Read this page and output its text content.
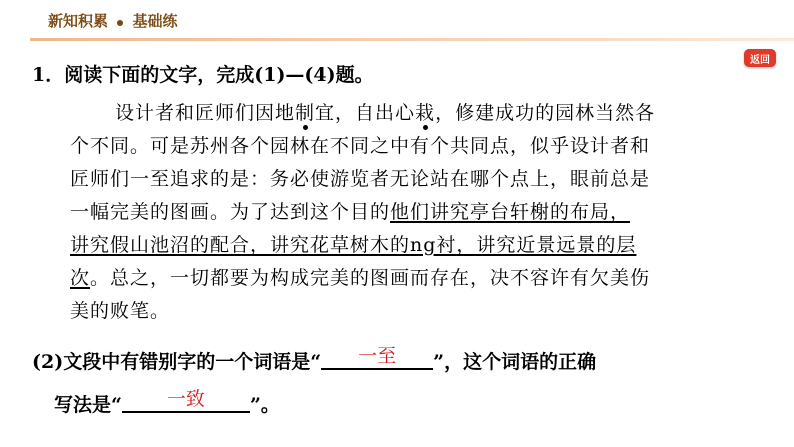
新知积累 基础练
返回
1．阅读下面的文字，完成(1)—(4)题。
设计者和匠师们因地制宜，自出心栽，修建成功的园林当然各
个不同。可是苏州各个园林在不同之中有个共同点，似乎设计者和
匠师们一至追求的是：务必使游览者无论站在哪个点上，眼前总是
一幅完美的图画。为了达到这个目的他们讲究亭台轩榭的布局，
讲究假山池沼的配合，讲究花草树木的ng衬，讲究近景远景的层
次。总之，一切都要为构成完美的图画而存在，决不容许有欠美伤
美的败笔。
(2)文段中有错别字的一个词语是“	一至	”，这个词语的正确
写法是“	一致	”。
